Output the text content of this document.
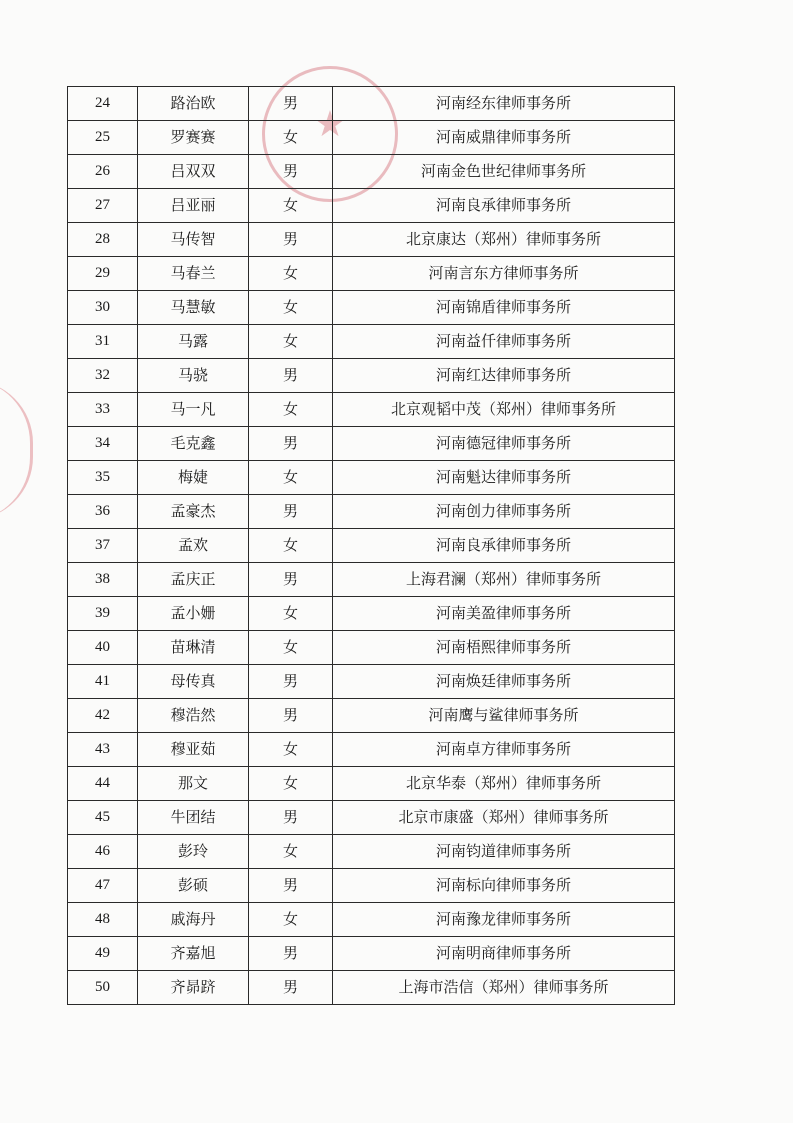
★
24	路治欧	男	河南经东律师事务所
25	罗赛赛	女	河南威鼎律师事务所
26	吕双双	男	河南金色世纪律师事务所
27	吕亚丽	女	河南良承律师事务所
28	马传智	男	北京康达（郑州）律师事务所
29	马春兰	女	河南言东方律师事务所
30	马慧敏	女	河南锦盾律师事务所
31	马露	女	河南益仟律师事务所
32	马骁	男	河南红达律师事务所
33	马一凡	女	北京观韬中茂（郑州）律师事务所
34	毛克鑫	男	河南德冠律师事务所
35	梅婕	女	河南魁达律师事务所
36	孟豪杰	男	河南创力律师事务所
37	孟欢	女	河南良承律师事务所
38	孟庆正	男	上海君澜（郑州）律师事务所
39	孟小姗	女	河南美盈律师事务所
40	苗琳清	女	河南梧熙律师事务所
41	母传真	男	河南焕廷律师事务所
42	穆浩然	男	河南鹰与鲨律师事务所
43	穆亚茹	女	河南卓方律师事务所
44	那文	女	北京华泰（郑州）律师事务所
45	牛团结	男	北京市康盛（郑州）律师事务所
46	彭玲	女	河南钧道律师事务所
47	彭硕	男	河南标向律师事务所
48	戚海丹	女	河南豫龙律师事务所
49	齐嘉旭	男	河南明商律师事务所
50	齐昴跻	男	上海市浩信（郑州）律师事务所
